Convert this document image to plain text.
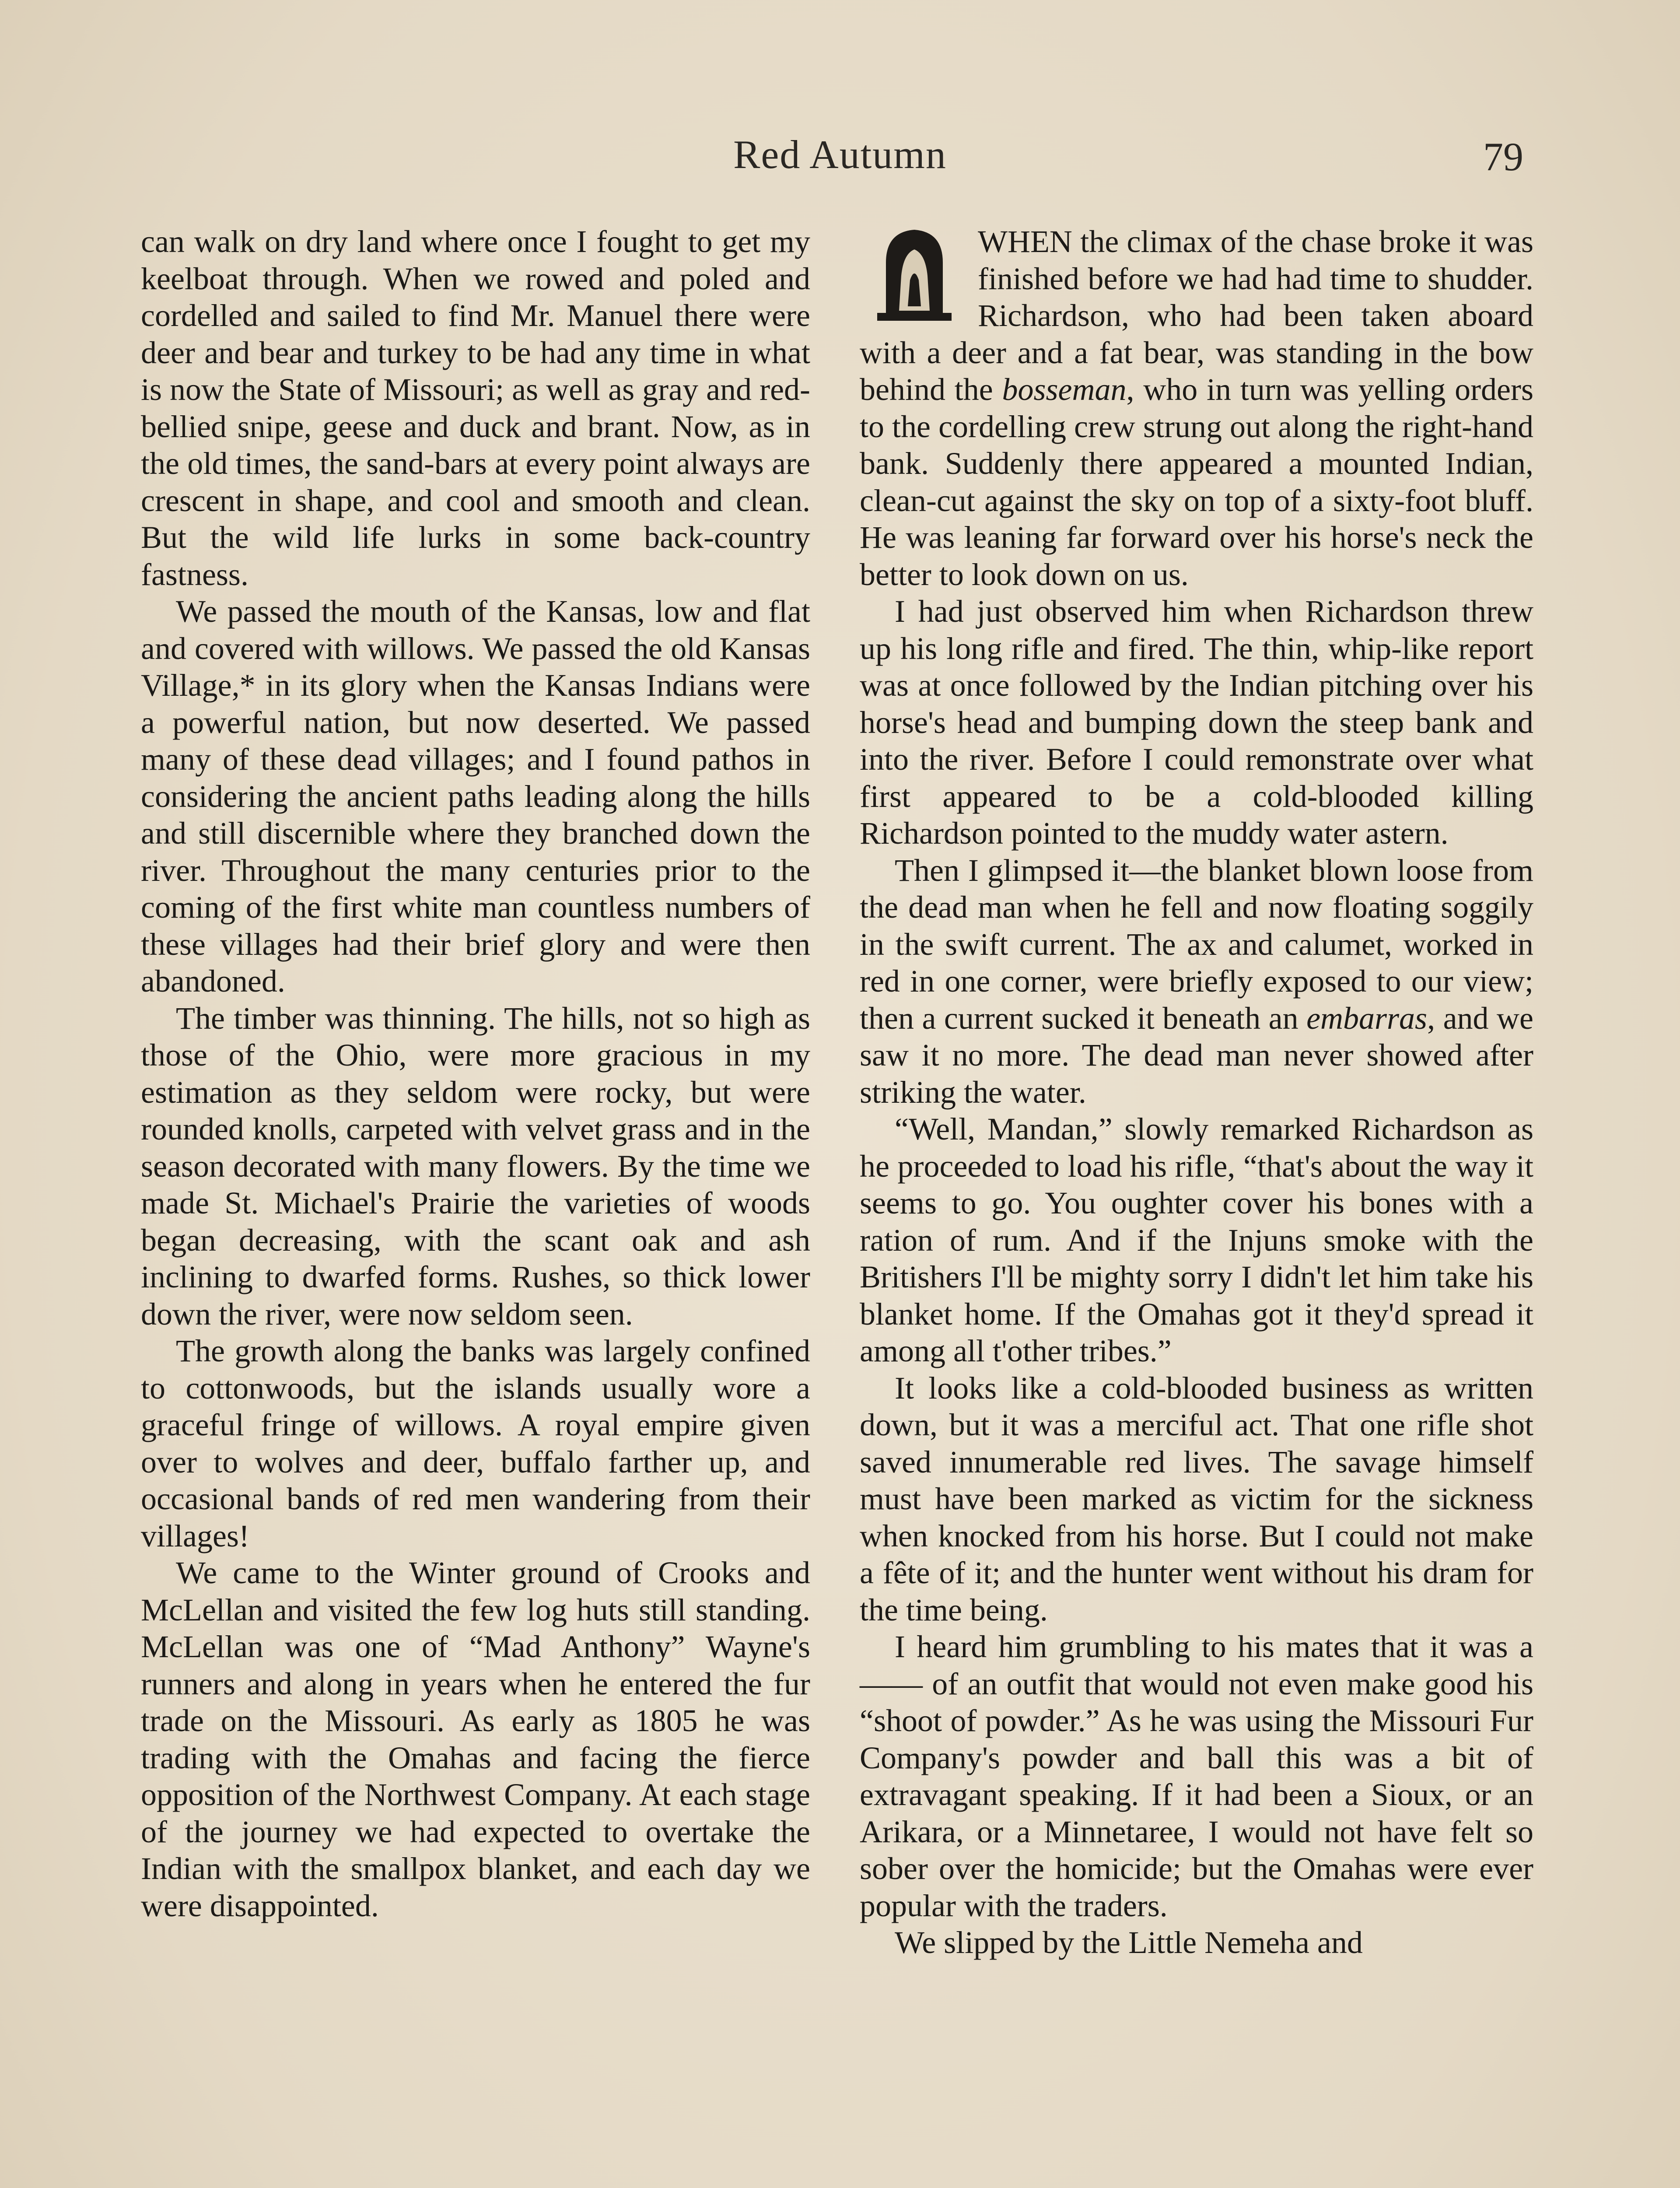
Red Autumn	79

can walk on dry land where once I fought to get my keelboat through. When we rowed and poled and cordelled and sailed to find Mr. Manuel there were deer and bear and turkey to be had any time in what is now the State of Missouri; as well as gray and red-bellied snipe, geese and duck and brant. Now, as in the old times, the sand-bars at every point always are crescent in shape, and cool and smooth and clean. But the wild life lurks in some back-country fastness.

We passed the mouth of the Kansas, low and flat and covered with willows. We passed the old Kansas Village,* in its glory when the Kansas Indians were a powerful nation, but now deserted. We passed many of these dead villages; and I found pathos in considering the ancient paths leading along the hills and still discernible where they branched down the river. Throughout the many centuries prior to the coming of the first white man countless numbers of these villages had their brief glory and were then abandoned.

The timber was thinning. The hills, not so high as those of the Ohio, were more gracious in my estimation as they seldom were rocky, but were rounded knolls, carpeted with velvet grass and in the season decorated with many flowers. By the time we made St. Michael's Prairie the varieties of woods began decreasing, with the scant oak and ash inclining to dwarfed forms. Rushes, so thick lower down the river, were now seldom seen.

The growth along the banks was largely confined to cottonwoods, but the islands usually wore a graceful fringe of willows. A royal empire given over to wolves and deer, buffalo farther up, and occasional bands of red men wandering from their villages!

We came to the Winter ground of Crooks and McLellan and visited the few log huts still standing. McLellan was one of “Mad Anthony” Wayne's runners and along in years when he entered the fur trade on the Missouri. As early as 1805 he was trading with the Omahas and facing the fierce opposition of the Northwest Company. At each stage of the journey we had expected to overtake the Indian with the smallpox blanket, and each day we were disappointed.

WHEN the climax of the chase broke it was finished before we had had time to shudder. Richardson, who had been taken aboard with a deer and a fat bear, was standing in the bow behind the bosseman, who in turn was yelling orders to the cordelling crew strung out along the right-hand bank. Suddenly there appeared a mounted Indian, clean-cut against the sky on top of a sixty-foot bluff. He was leaning far forward over his horse's neck the better to look down on us.

I had just observed him when Richardson threw up his long rifle and fired. The thin, whip-like report was at once followed by the Indian pitching over his horse's head and bumping down the steep bank and into the river. Before I could remonstrate over what first appeared to be a cold-blooded killing Richardson pointed to the muddy water astern.

Then I glimpsed it—the blanket blown loose from the dead man when he fell and now floating soggily in the swift current. The ax and calumet, worked in red in one corner, were briefly exposed to our view; then a current sucked it beneath an embarras, and we saw it no more. The dead man never showed after striking the water.

“Well, Mandan,” slowly remarked Richardson as he proceeded to load his rifle, “that's about the way it seems to go. You oughter cover his bones with a ration of rum. And if the Injuns smoke with the Britishers I'll be mighty sorry I didn't let him take his blanket home. If the Omahas got it they'd spread it among all t'other tribes.”

It looks like a cold-blooded business as written down, but it was a merciful act. That one rifle shot saved innumerable red lives. The savage himself must have been marked as victim for the sickness when knocked from his horse. But I could not make a fête of it; and the hunter went without his dram for the time being.

I heard him grumbling to his mates that it was a —— of an outfit that would not even make good his “shoot of powder.” As he was using the Missouri Fur Company's powder and ball this was a bit of extravagant speaking. If it had been a Sioux, or an Arikara, or a Minnetaree, I would not have felt so sober over the homicide; but the Omahas were ever popular with the traders.

We slipped by the Little Nemeha and
